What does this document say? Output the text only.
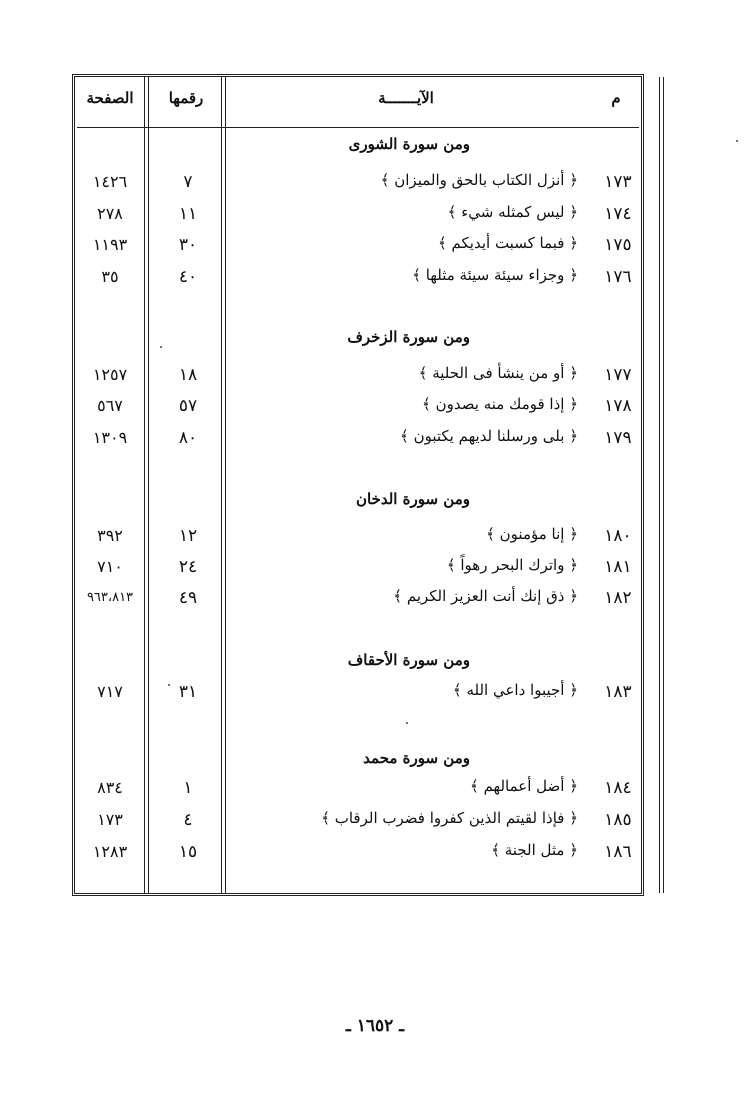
م
الآيـــــــة
رقمها
الصفحة
ومن سورة الشورى
١٧٣
﴿ أنزل الكتاب بالحق والميزان ﴾
٧
١٤٢٦
١٧٤
﴿ ليس كمثله شيء ﴾
١١
٢٧٨
١٧٥
﴿ فبما كسبت أيديكم ﴾
٣٠
١١٩٣
١٧٦
﴿ وجزاء سيئة سيئة مثلها ﴾
٤٠
٣٥
ومن سورة الزخرف
١٧٧
﴿ أو من ينشأ فى الحلية ﴾
١٨
١٢٥٧
١٧٨
﴿ إذا قومك منه يصدون ﴾
٥٧
٥٦٧
١٧٩
﴿ بلى ورسلنا لديهم يكتبون ﴾
٨٠
١٣٠٩
ومن سورة الدخان
١٨٠
﴿ إنا مؤمنون ﴾
١٢
٣٩٢
١٨١
﴿ واترك البحر رهواً ﴾
٢٤
٧١٠
١٨٢
﴿ ذق إنك أنت العزيز الكريم ﴾
٤٩
٩٦٣،٨١٣
ومن سورة الأحقاف
١٨٣
﴿ أجيبوا داعي الله ﴾
٣١
٧١٧
ومن سورة محمد
١٨٤
﴿ أضل أعمالهم ﴾
١
٨٣٤
١٨٥
﴿ فإذا لقيتم الذين كفروا فضرب الرقاب ﴾
٤
١٧٣
١٨٦
﴿ مثل الجنة ﴾
١٥
١٢٨٣
ـ ١٦٥٢ ـ
